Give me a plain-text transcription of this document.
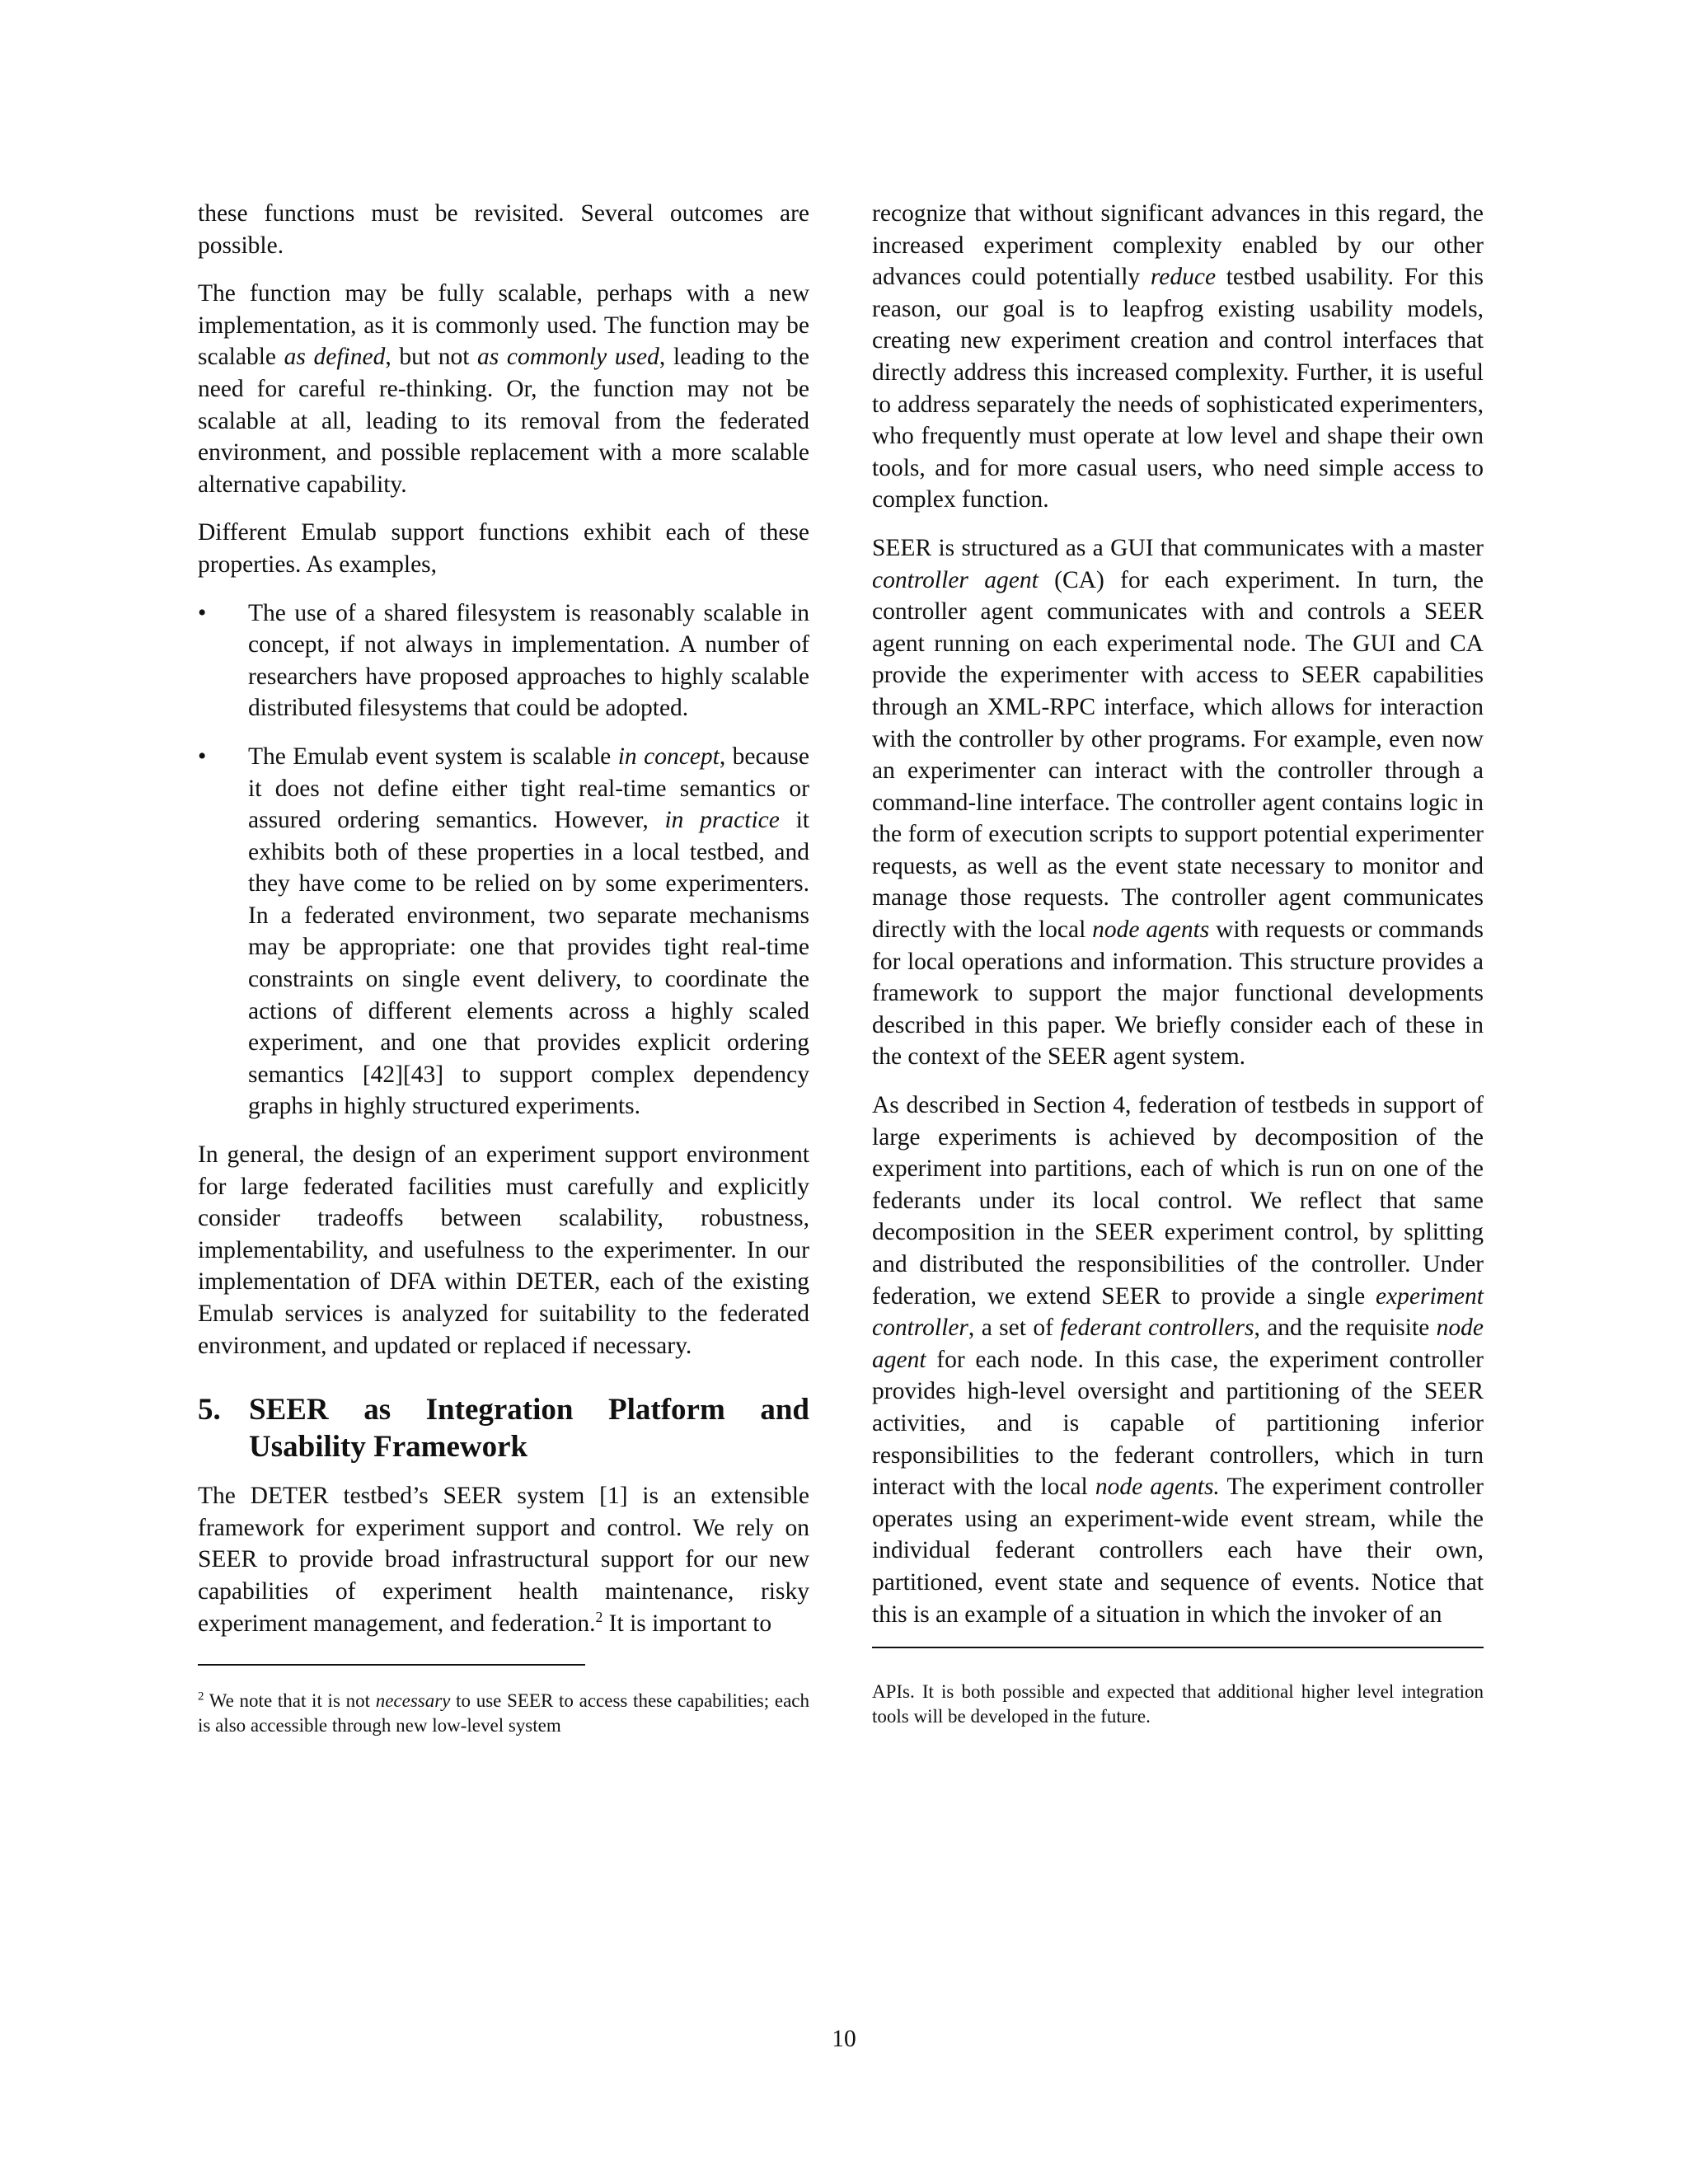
these functions must be revisited. Several outcomes are possible.

The function may be fully scalable, perhaps with a new implementation, as it is commonly used. The function may be scalable as defined, but not as commonly used, leading to the need for careful re-thinking. Or, the function may not be scalable at all, leading to its removal from the federated environment, and possible replacement with a more scalable alternative capability.

Different Emulab support functions exhibit each of these properties. As examples,

•	The use of a shared filesystem is reasonably scalable in concept, if not always in implementation. A number of researchers have proposed approaches to highly scalable distributed filesystems that could be adopted.
•	The Emulab event system is scalable in concept, because it does not define either tight real-time semantics or assured ordering semantics. However, in practice it exhibits both of these properties in a local testbed, and they have come to be relied on by some experimenters. In a federated environment, two separate mechanisms may be appropriate: one that provides tight real-time constraints on single event delivery, to coordinate the actions of different elements across a highly scaled experiment, and one that provides explicit ordering semantics [42][43] to support complex dependency graphs in highly structured experiments.

In general, the design of an experiment support environment for large federated facilities must carefully and explicitly consider tradeoffs between scalability, robustness, implementability, and usefulness to the experimenter. In our implementation of DFA within DETER, each of the existing Emulab services is analyzed for suitability to the federated environment, and updated or replaced if necessary.

5. SEER as Integration Platform and Usability Framework

The DETER testbed’s SEER system [1] is an extensible framework for experiment support and control. We rely on SEER to provide broad infrastructural support for our new capabilities of experiment health maintenance, risky experiment management, and federation.$^2$ It is important to

$^2$ We note that it is not necessary to use SEER to access these capabilities; each is also accessible through new low-level system

recognize that without significant advances in this regard, the increased experiment complexity enabled by our other advances could potentially reduce testbed usability. For this reason, our goal is to leapfrog existing usability models, creating new experiment creation and control interfaces that directly address this increased complexity. Further, it is useful to address separately the needs of sophisticated experimenters, who frequently must operate at low level and shape their own tools, and for more casual users, who need simple access to complex function.

SEER is structured as a GUI that communicates with a master controller agent (CA) for each experiment. In turn, the controller agent communicates with and controls a SEER agent running on each experimental node. The GUI and CA provide the experimenter with access to SEER capabilities through an XML-RPC interface, which allows for interaction with the controller by other programs. For example, even now an experimenter can interact with the controller through a command-line interface. The controller agent contains logic in the form of execution scripts to support potential experimenter requests, as well as the event state necessary to monitor and manage those requests. The controller agent communicates directly with the local node agents with requests or commands for local operations and information. This structure provides a framework to support the major functional developments described in this paper. We briefly consider each of these in the context of the SEER agent system.

As described in Section 4, federation of testbeds in support of large experiments is achieved by decomposition of the experiment into partitions, each of which is run on one of the federants under its local control. We reflect that same decomposition in the SEER experiment control, by splitting and distributed the responsibilities of the controller. Under federation, we extend SEER to provide a single experiment controller, a set of federant controllers, and the requisite node agent for each node. In this case, the experiment controller provides high-level oversight and partitioning of the SEER activities, and is capable of partitioning inferior responsibilities to the federant controllers, which in turn interact with the local node agents. The experiment controller operates using an experiment-wide event stream, while the individual federant controllers each have their own, partitioned, event state and sequence of events. Notice that this is an example of a situation in which the invoker of an

APIs. It is both possible and expected that additional higher level integration tools will be developed in the future.
10
